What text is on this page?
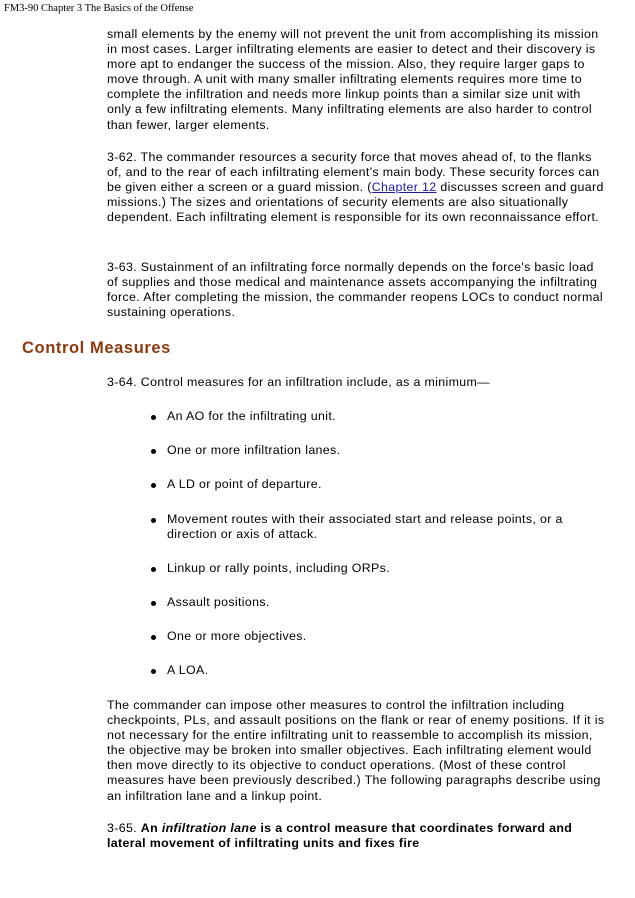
FM3-90 Chapter 3 The Basics of the Offense

small elements by the enemy will not prevent the unit from accomplishing its mission in most cases. Larger infiltrating elements are easier to detect and their discovery is more apt to endanger the success of the mission. Also, they require larger gaps to move through. A unit with many smaller infiltrating elements requires more time to complete the infiltration and needs more linkup points than a similar size unit with only a few infiltrating elements. Many infiltrating elements are also harder to control than fewer, larger elements.

3-62. The commander resources a security force that moves ahead of, to the flanks of, and to the rear of each infiltrating element's main body. These security forces can be given either a screen or a guard mission. (Chapter 12 discusses screen and guard missions.) The sizes and orientations of security elements are also situationally dependent. Each infiltrating element is responsible for its own reconnaissance effort.

3-63. Sustainment of an infiltrating force normally depends on the force's basic load of supplies and those medical and maintenance assets accompanying the infiltrating force. After completing the mission, the commander reopens LOCs to conduct normal sustaining operations.

Control Measures

3-64. Control measures for an infiltration include, as a minimum—

An AO for the infiltrating unit.
One or more infiltration lanes.
A LD or point of departure.
Movement routes with their associated start and release points, or a direction or axis of attack.
Linkup or rally points, including ORPs.
Assault positions.
One or more objectives.
A LOA.

The commander can impose other measures to control the infiltration including checkpoints, PLs, and assault positions on the flank or rear of enemy positions. If it is not necessary for the entire infiltrating unit to reassemble to accomplish its mission, the objective may be broken into smaller objectives. Each infiltrating element would then move directly to its objective to conduct operations. (Most of these control measures have been previously described.) The following paragraphs describe using an infiltration lane and a linkup point.

3-65. An infiltration lane is a control measure that coordinates forward and lateral movement of infiltrating units and fixes fire
